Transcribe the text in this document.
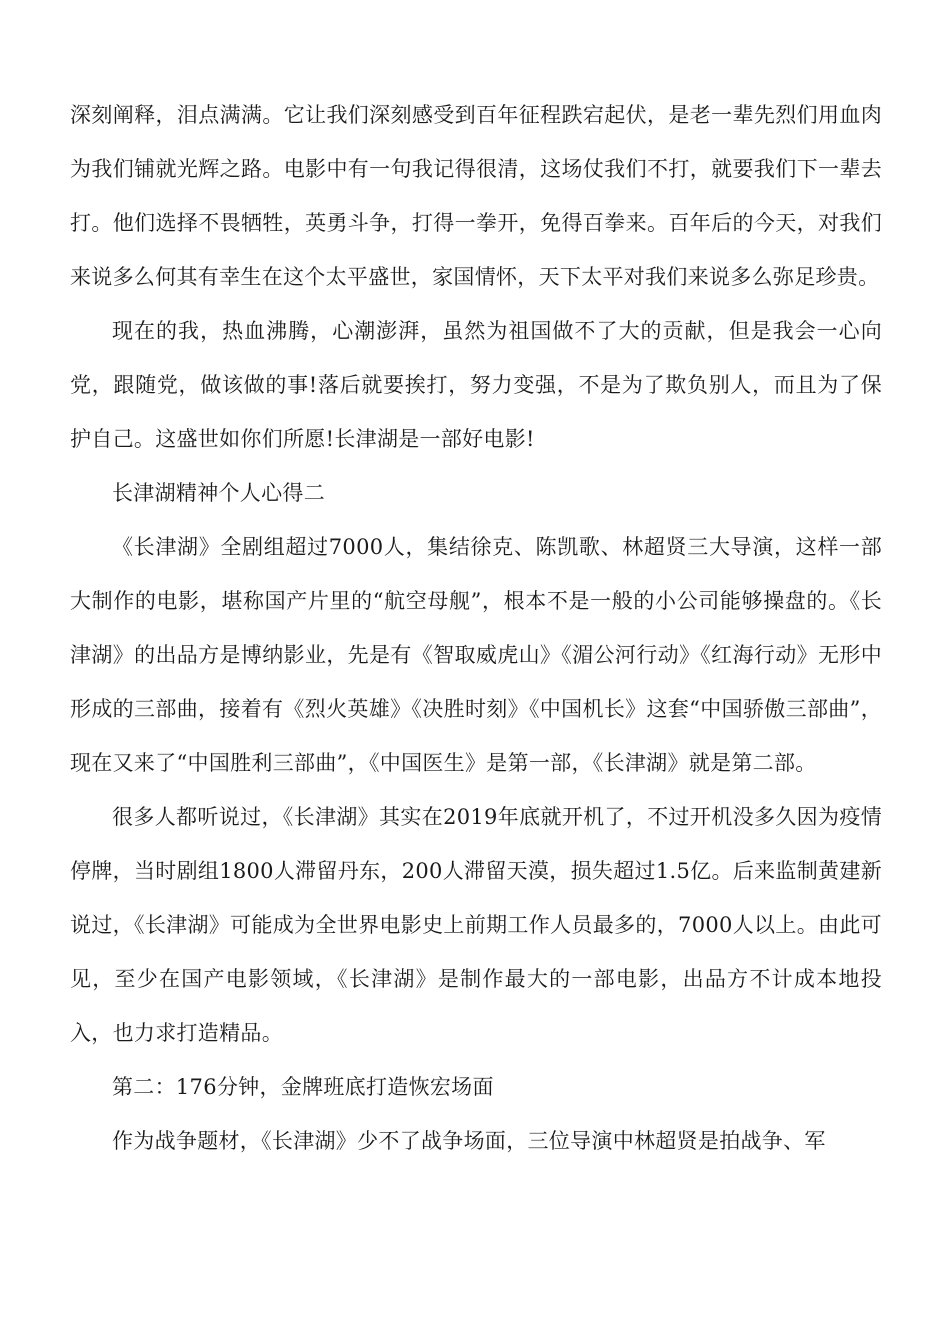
深刻阐释，泪点满满。它让我们深刻感受到百年征程跌宕起伏，是老一辈先烈们用血肉为我们铺就光辉之路。电影中有一句我记得很清，这场仗我们不打，就要我们下一辈去打。他们选择不畏牺牲，英勇斗争，打得一拳开，免得百拳来。百年后的今天，对我们来说多么何其有幸生在这个太平盛世，家国情怀，天下太平对我们来说多么弥足珍贵。

现在的我，热血沸腾，心潮澎湃，虽然为祖国做不了大的贡献，但是我会一心向党，跟随党，做该做的事!落后就要挨打，努力变强，不是为了欺负别人，而且为了保护自己。这盛世如你们所愿!长津湖是一部好电影!

长津湖精神个人心得二

《长津湖》全剧组超过7000人，集结徐克、陈凯歌、林超贤三大导演，这样一部大制作的电影，堪称国产片里的“航空母舰”，根本不是一般的小公司能够操盘的。《长津湖》的出品方是博纳影业，先是有《智取威虎山》《湄公河行动》《红海行动》无形中形成的三部曲，接着有《烈火英雄》《决胜时刻》《中国机长》这套“中国骄傲三部曲”，现在又来了“中国胜利三部曲”，《中国医生》是第一部，《长津湖》就是第二部。

很多人都听说过，《长津湖》其实在2019年底就开机了，不过开机没多久因为疫情停牌，当时剧组1800人滞留丹东，200人滞留天漠，损失超过1.5亿。后来监制黄建新说过，《长津湖》可能成为全世界电影史上前期工作人员最多的，7000人以上。由此可见，至少在国产电影领域，《长津湖》是制作最大的一部电影，出品方不计成本地投入，也力求打造精品。

第二：176分钟，金牌班底打造恢宏场面

作为战争题材，《长津湖》少不了战争场面，三位导演中林超贤是拍战争、军
